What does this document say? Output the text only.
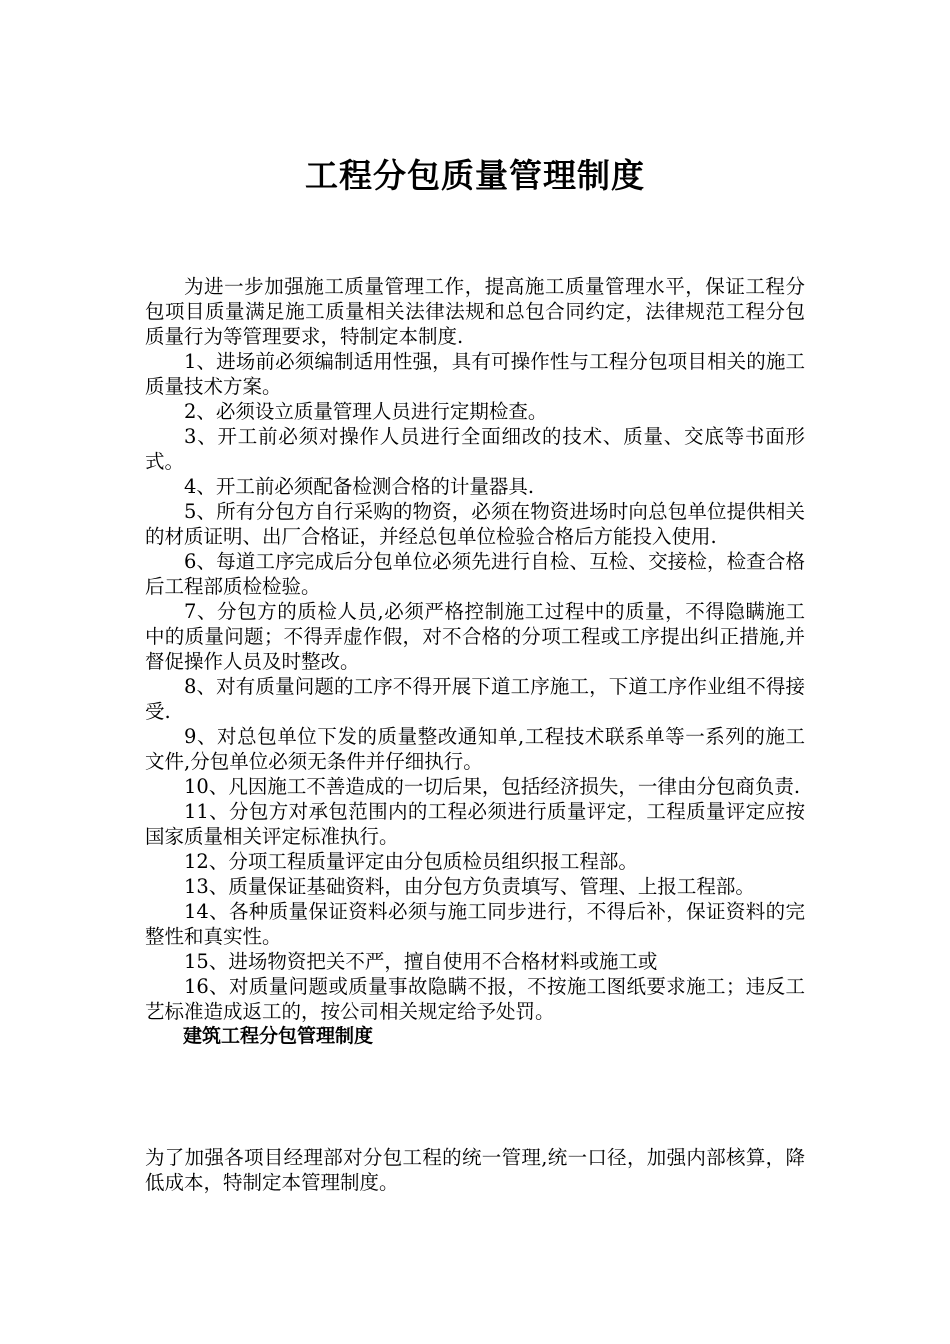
工程分包质量管理制度

为进一步加强施工质量管理工作，提高施工质量管理水平，保证工程分包项目质量满足施工质量相关法律法规和总包合同约定，法律规范工程分包质量行为等管理要求，特制定本制度.

1、进场前必须编制适用性强，具有可操作性与工程分包项目相关的施工质量技术方案。

2、必须设立质量管理人员进行定期检查。

3、开工前必须对操作人员进行全面细改的技术、质量、交底等书面形式。

4、开工前必须配备检测合格的计量器具.

5、所有分包方自行采购的物资，必须在物资进场时向总包单位提供相关的材质证明、出厂合格证，并经总包单位检验合格后方能投入使用.

6、每道工序完成后分包单位必须先进行自检、互检、交接检，检查合格后工程部质检检验。

7、分包方的质检人员,必须严格控制施工过程中的质量，不得隐瞒施工中的质量问题；不得弄虚作假，对不合格的分项工程或工序提出纠正措施,并督促操作人员及时整改。

8、对有质量问题的工序不得开展下道工序施工，下道工序作业组不得接受.

9、对总包单位下发的质量整改通知单,工程技术联系单等一系列的施工文件,分包单位必须无条件并仔细执行。

10、凡因施工不善造成的一切后果，包括经济损失，一律由分包商负责.

11、分包方对承包范围内的工程必须进行质量评定，工程质量评定应按国家质量相关评定标准执行。

12、分项工程质量评定由分包质检员组织报工程部。

13、质量保证基础资料，由分包方负责填写、管理、上报工程部。

14、各种质量保证资料必须与施工同步进行，不得后补，保证资料的完整性和真实性。

15、进场物资把关不严，擅自使用不合格材料或施工或

16、对质量问题或质量事故隐瞒不报，不按施工图纸要求施工；违反工艺标准造成返工的，按公司相关规定给予处罚。

建筑工程分包管理制度

为了加强各项目经理部对分包工程的统一管理,统一口径，加强内部核算，降低成本，特制定本管理制度。
